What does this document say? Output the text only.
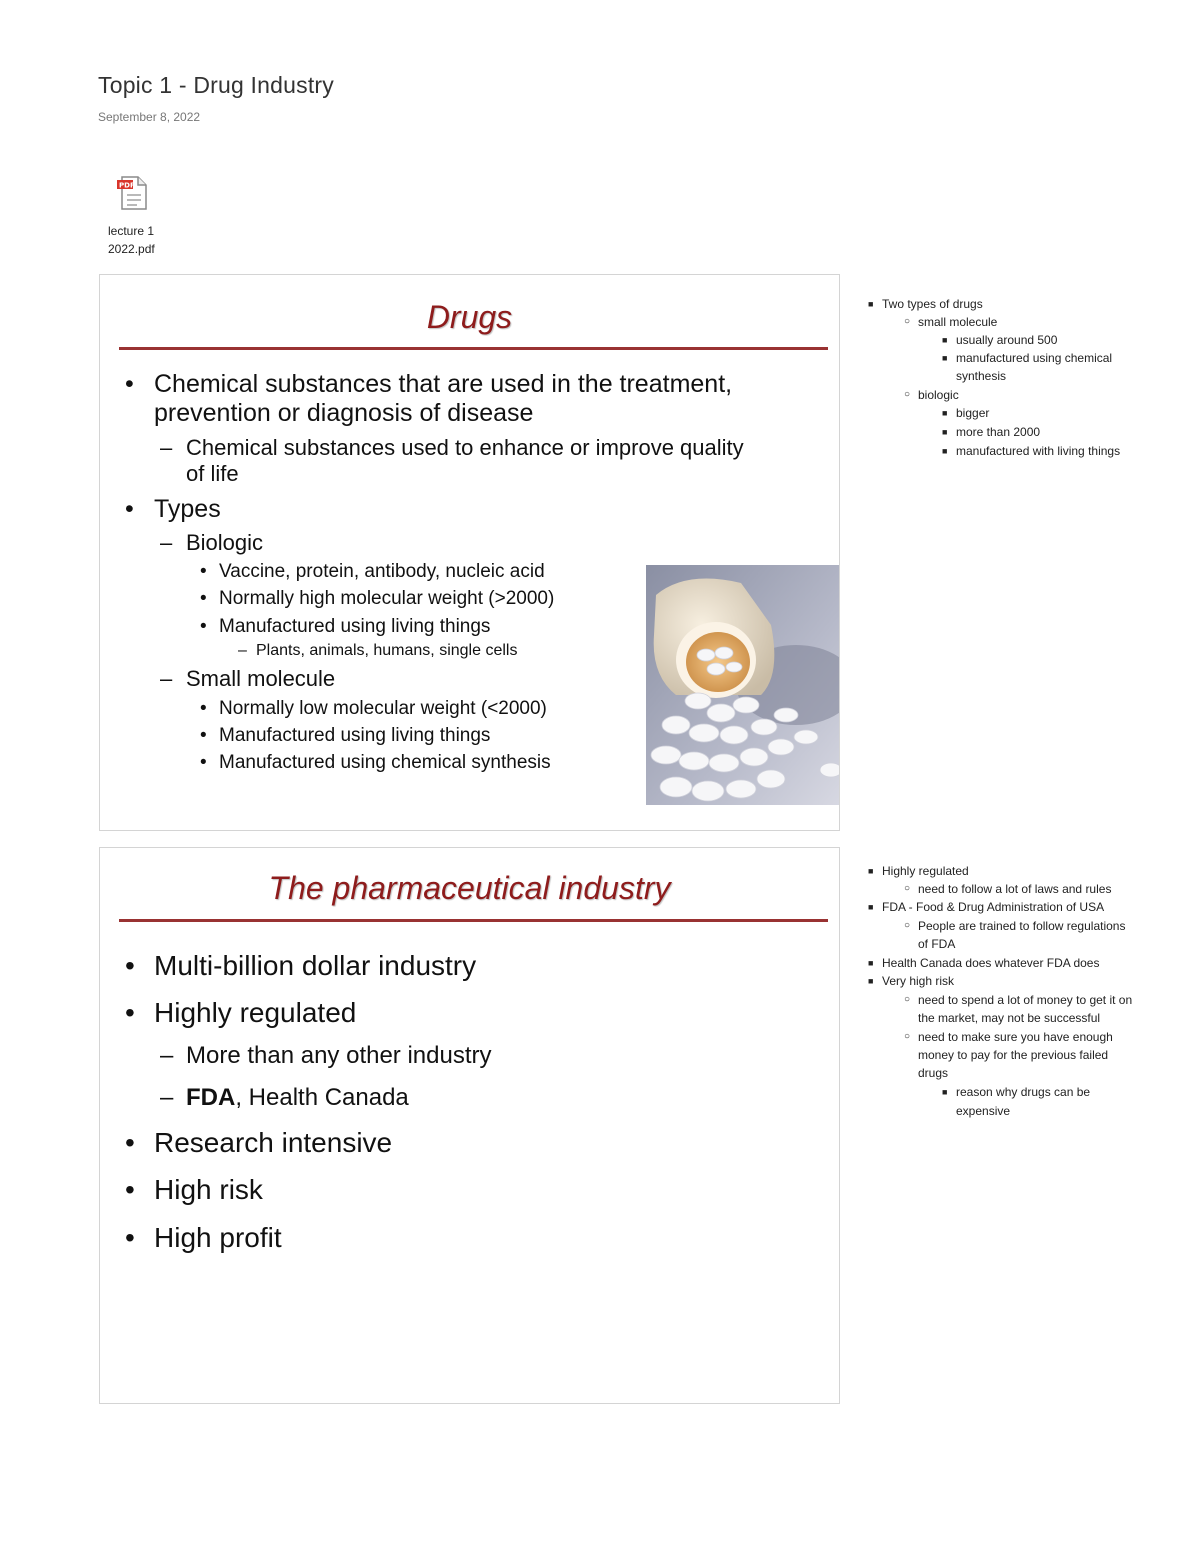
Topic 1 - Drug Industry
September 8, 2022
PDF
lecture 1
2022.pdf
Drugs
• Chemical substances that are used in the treatment,
prevention or diagnosis of disease
– Chemical substances used to enhance or improve quality
of life
• Types
– Biologic
• Vaccine, protein, antibody, nucleic acid
• Normally high molecular weight (>2000)
• Manufactured using living things
– Plants, animals, humans, single cells
– Small molecule
• Normally low molecular weight (<2000)
• Manufactured using living things
• Manufactured using chemical synthesis
The pharmaceutical industry
• Multi-billion dollar industry
• Highly regulated
– More than any other industry
– FDA, Health Canada
• Research intensive
• High risk
• High profit
■ Two types of drugs
○ small molecule
■ usually around 500
■ manufactured using chemical
synthesis
○ biologic
■ bigger
■ more than 2000
■ manufactured with living things
■ Highly regulated
○ need to follow a lot of laws and rules
■ FDA - Food & Drug Administration of USA
○ People are trained to follow regulations
of FDA
■ Health Canada does whatever FDA does
■ Very high risk
○ need to spend a lot of money to get it on
the market, may not be successful
○ need to make sure you have enough
money to pay for the previous failed
drugs
■ reason why drugs can be
expensive
